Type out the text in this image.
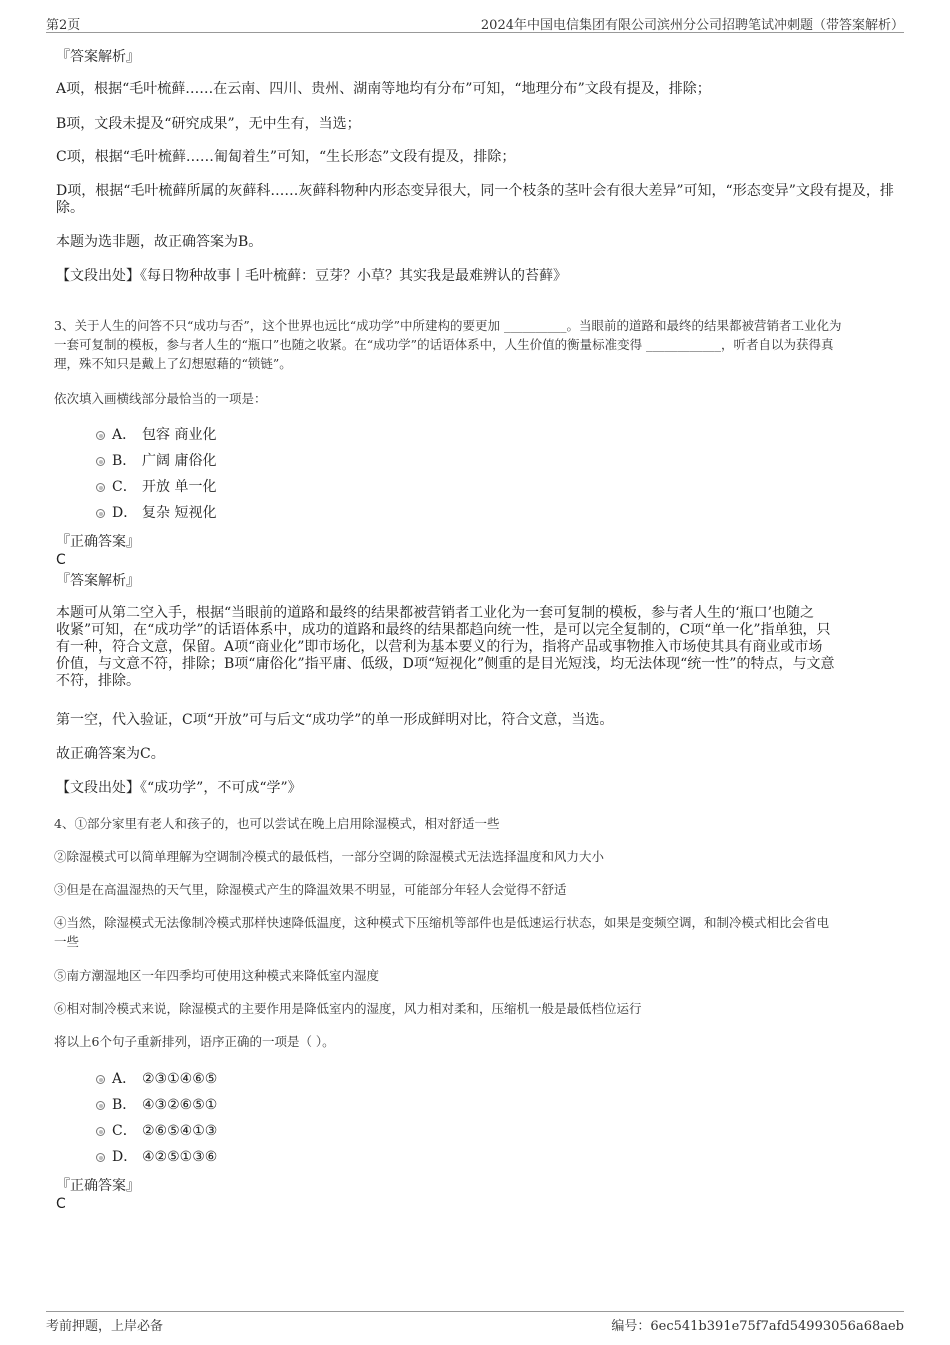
第2页	2024年中国电信集团有限公司滨州分公司招聘笔试冲刺题（带答案解析）

『答案解析』

A项，根据“毛叶梳藓……在云南、四川、贵州、湖南等地均有分布”可知，“地理分布”文段有提及，排除；

B项，文段未提及“研究成果”，无中生有，当选；

C项，根据“毛叶梳藓……匍匐着生”可知，“生长形态”文段有提及，排除；

D项，根据“毛叶梳藓所属的灰藓科……灰藓科物种内形态变异很大，同一个枝条的茎叶会有很大差异”可知，“形态变异”文段有提及，排除。

本题为选非题，故正确答案为B。

【文段出处】《每日物种故事丨毛叶梳藓：豆芽？小草？其实我是最难辨认的苔藓》

3、关于人生的问答不只“成功与否”，这个世界也远比“成功学”中所建构的要更加 __________。当眼前的道路和最终的结果都被营销者工业化为

一套可复制的模板，参与者人生的“瓶口”也随之收紧。在“成功学”的话语体系中，人生价值的衡量标准变得 ____________，听者自以为获得真

理，殊不知只是戴上了幻想慰藉的“锁链”。

依次填入画横线部分最恰当的一项是：

A． 包容 商业化
B． 广阔 庸俗化
C． 开放 单一化
D． 复杂 短视化

『正确答案』

C

『答案解析』

本题可从第二空入手，根据“当眼前的道路和最终的结果都被营销者工业化为一套可复制的模板，参与者人生的‘瓶口’也随之

收紧”可知，在“成功学”的话语体系中，成功的道路和最终的结果都趋向统一性，是可以完全复制的，C项“单一化”指单独，只

有一种，符合文意，保留。A项“商业化”即市场化，以营利为基本要义的行为，指将产品或事物推入市场使其具有商业或市场

价值，与文意不符，排除；B项“庸俗化”指平庸、低级，D项“短视化”侧重的是目光短浅，均无法体现“统一性”的特点，与文意

不符，排除。

第一空，代入验证，C项“开放”可与后文“成功学”的单一形成鲜明对比，符合文意，当选。

故正确答案为C。

【文段出处】《“成功学”，不可成“学”》

4、①部分家里有老人和孩子的，也可以尝试在晚上启用除湿模式，相对舒适一些

②除湿模式可以简单理解为空调制冷模式的最低档，一部分空调的除湿模式无法选择温度和风力大小

③但是在高温湿热的天气里，除湿模式产生的降温效果不明显，可能部分年轻人会觉得不舒适

④当然，除湿模式无法像制冷模式那样快速降低温度，这种模式下压缩机等部件也是低速运行状态，如果是变频空调，和制冷模式相比会省电

一些

⑤南方潮湿地区一年四季均可使用这种模式来降低室内湿度

⑥相对制冷模式来说，除湿模式的主要作用是降低室内的湿度，风力相对柔和，压缩机一般是最低档位运行

将以上6个句子重新排列，语序正确的一项是（ ）。

A． ②③①④⑥⑤
B． ④③②⑥⑤①
C． ②⑥⑤④①③
D． ④②⑤①③⑥

『正确答案』

C

考前押题，上岸必备	编号：6ec541b391e75f7afd54993056a68aeb
